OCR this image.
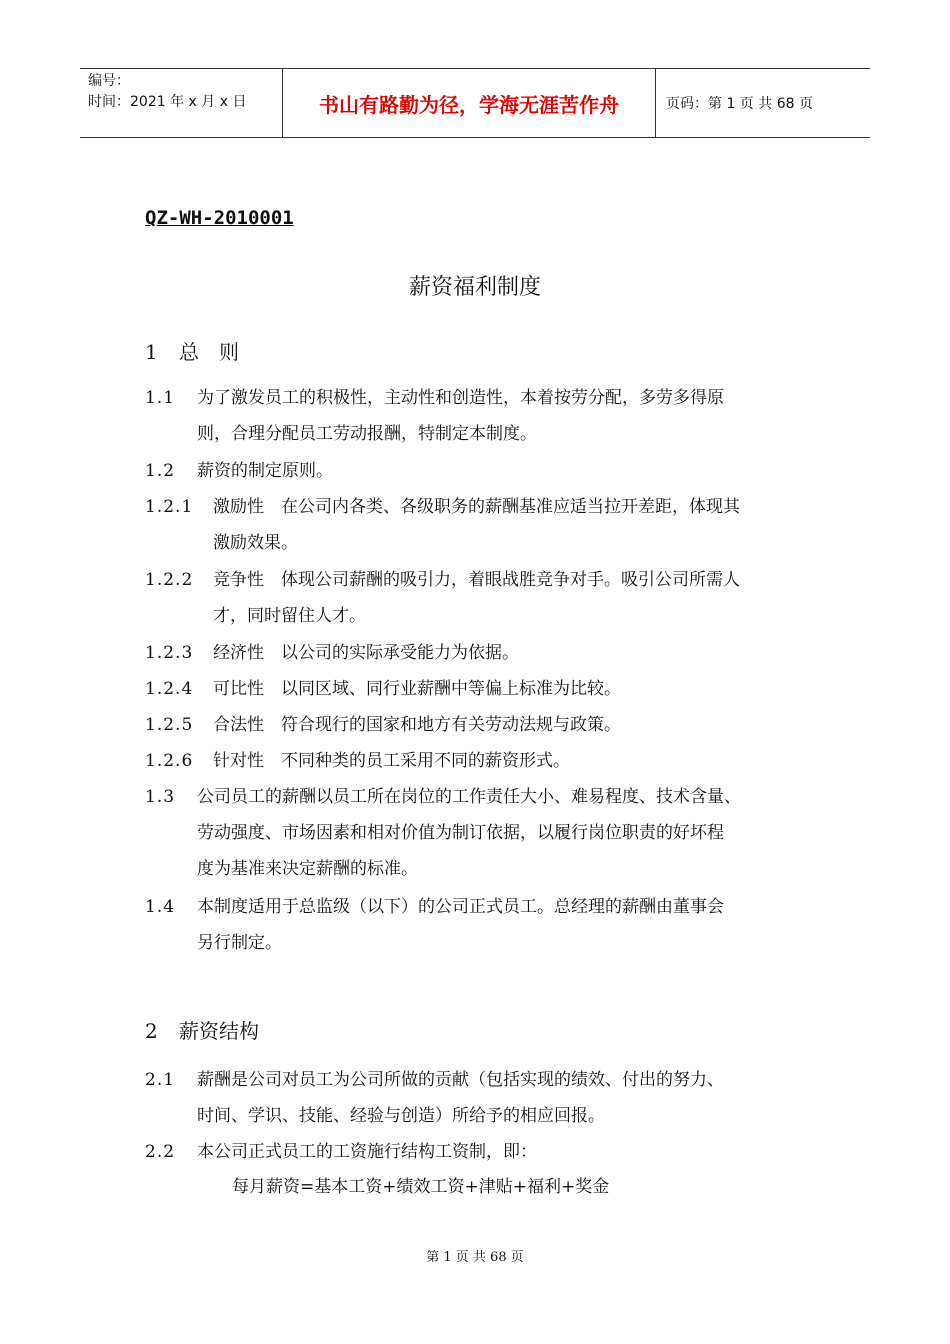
编号：
时间：2021 年 x 月 x 日	书山有路勤为径，学海无涯苦作舟	页码：第 1 页 共 68 页
QZ-WH-2010001
薪资福利制度
1 总　则
1.1	为了激发员工的积极性，主动性和创造性，本着按劳分配，多劳多得原
则，合理分配员工劳动报酬，特制定本制度。
1.2	薪资的制定原则。
1.2.1	激励性　在公司内各类、各级职务的薪酬基准应适当拉开差距，体现其
激励效果。
1.2.2	竞争性　体现公司薪酬的吸引力，着眼战胜竞争对手。吸引公司所需人
才，同时留住人才。
1.2.3	经济性　以公司的实际承受能力为依据。
1.2.4	可比性　以同区域、同行业薪酬中等偏上标准为比较。
1.2.5	合法性　符合现行的国家和地方有关劳动法规与政策。
1.2.6	针对性　不同种类的员工采用不同的薪资形式。
1.3	公司员工的薪酬以员工所在岗位的工作责任大小、难易程度、技术含量、
劳动强度、市场因素和相对价值为制订依据，以履行岗位职责的好坏程
度为基准来决定薪酬的标准。
1.4	本制度适用于总监级（以下）的公司正式员工。总经理的薪酬由董事会
另行制定。
2 薪资结构
2.1	薪酬是公司对员工为公司所做的贡献（包括实现的绩效、付出的努力、
时间、学识、技能、经验与创造）所给予的相应回报。
2.2	本公司正式员工的工资施行结构工资制，即：
每月薪资=基本工资+绩效工资+津贴+福利+奖金
第 1 页 共 68 页
